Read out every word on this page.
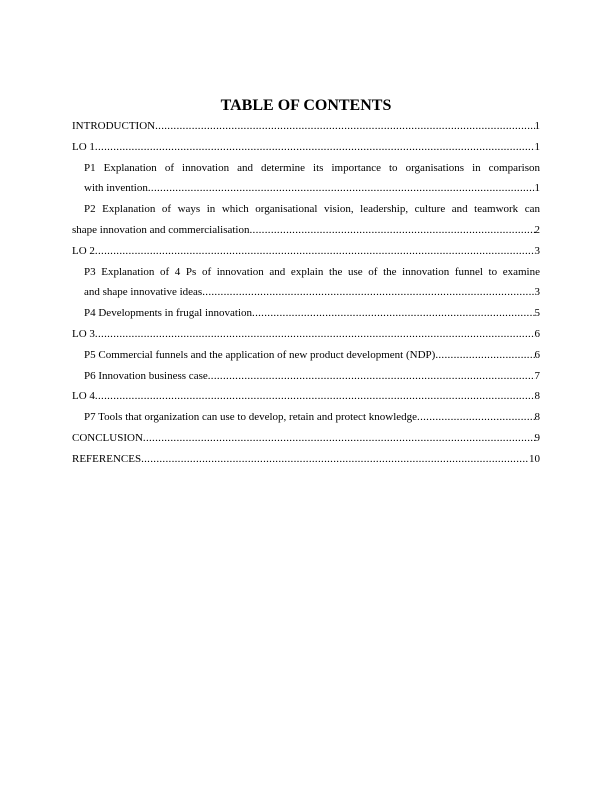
TABLE OF CONTENTS
INTRODUCTION .....	1
LO 1 .....	1
P1 Explanation of innovation and determine its importance to organisations in comparison
with invention .....	1
P2 Explanation of ways in which organisational vision, leadership, culture and teamwork can
shape innovation and commercialisation .....	2
LO 2 .....	3
P3 Explanation of 4 Ps of innovation and explain the use of the innovation funnel to examine
and shape innovative ideas .....	3
P4 Developments in frugal innovation .....	5
LO 3 .....	6
P5 Commercial funnels and the application of new product development (NDP) .....	6
P6 Innovation business case .....	7
LO 4 .....	8
P7 Tools that organization can use to develop, retain and protect knowledge .....	8
CONCLUSION .....	9
REFERENCES .....	10
